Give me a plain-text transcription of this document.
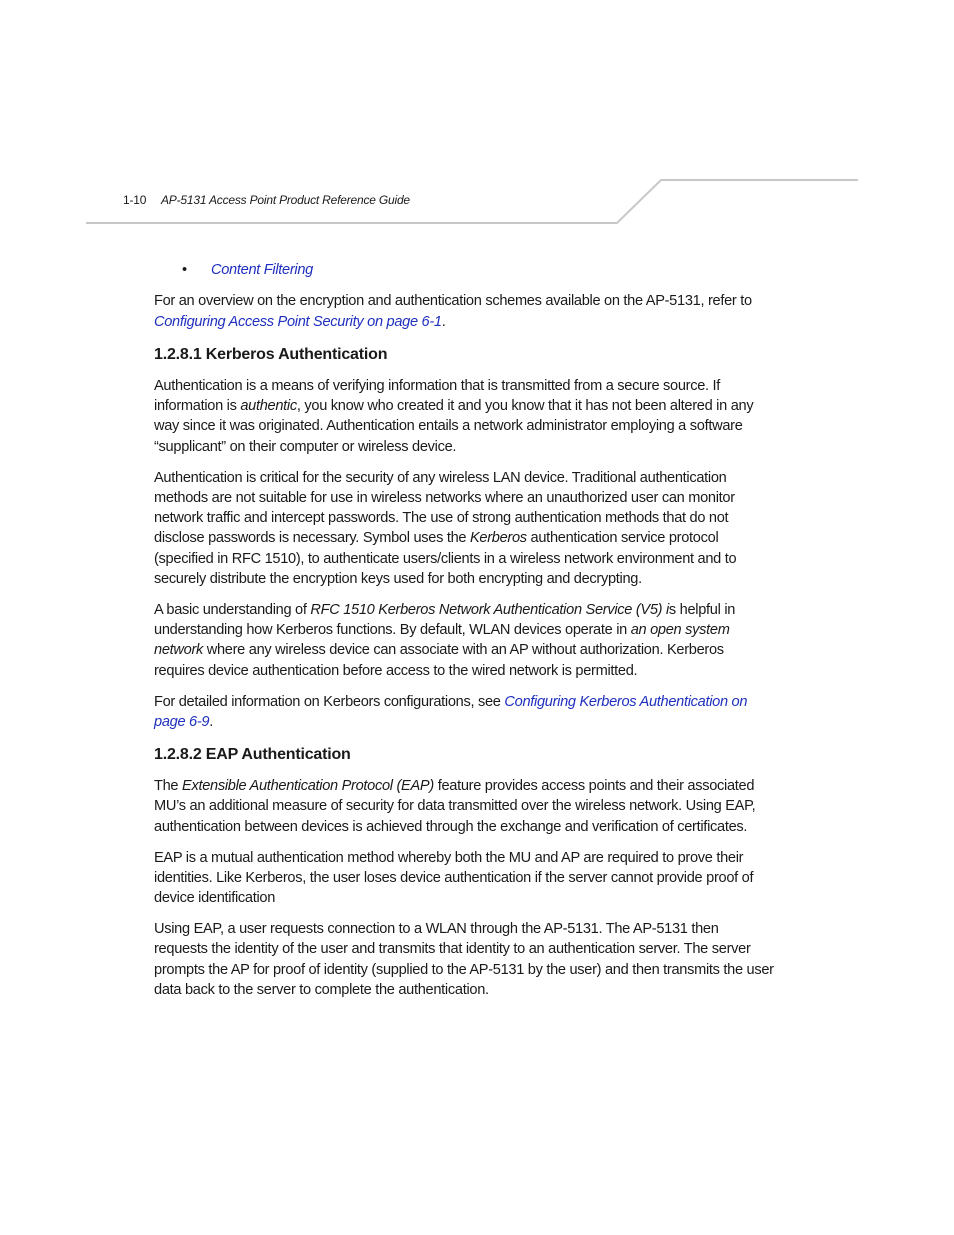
1-10 AP-5131 Access Point Product Reference Guide
• Content Filtering

For an overview on the encryption and authentication schemes available on the AP-5131, refer to Configuring Access Point Security on page 6-1.

1.2.8.1 Kerberos Authentication

Authentication is a means of verifying information that is transmitted from a secure source. If information is authentic, you know who created it and you know that it has not been altered in any way since it was originated. Authentication entails a network administrator employing a software “supplicant” on their computer or wireless device.

Authentication is critical for the security of any wireless LAN device. Traditional authentication methods are not suitable for use in wireless networks where an unauthorized user can monitor network traffic and intercept passwords. The use of strong authentication methods that do not disclose passwords is necessary. Symbol uses the Kerberos authentication service protocol (specified in RFC 1510), to authenticate users/clients in a wireless network environment and to securely distribute the encryption keys used for both encrypting and decrypting.

A basic understanding of RFC 1510 Kerberos Network Authentication Service (V5) is helpful in understanding how Kerberos functions. By default, WLAN devices operate in an open system network where any wireless device can associate with an AP without authorization. Kerberos requires device authentication before access to the wired network is permitted.

For detailed information on Kerbeors configurations, see Configuring Kerberos Authentication on page 6-9.

1.2.8.2 EAP Authentication

The Extensible Authentication Protocol (EAP) feature provides access points and their associated MU’s an additional measure of security for data transmitted over the wireless network. Using EAP, authentication between devices is achieved through the exchange and verification of certificates.

EAP is a mutual authentication method whereby both the MU and AP are required to prove their identities. Like Kerberos, the user loses device authentication if the server cannot provide proof of device identification

Using EAP, a user requests connection to a WLAN through the AP-5131. The AP-5131 then requests the identity of the user and transmits that identity to an authentication server. The server prompts the AP for proof of identity (supplied to the AP-5131 by the user) and then transmits the user data back to the server to complete the authentication.
